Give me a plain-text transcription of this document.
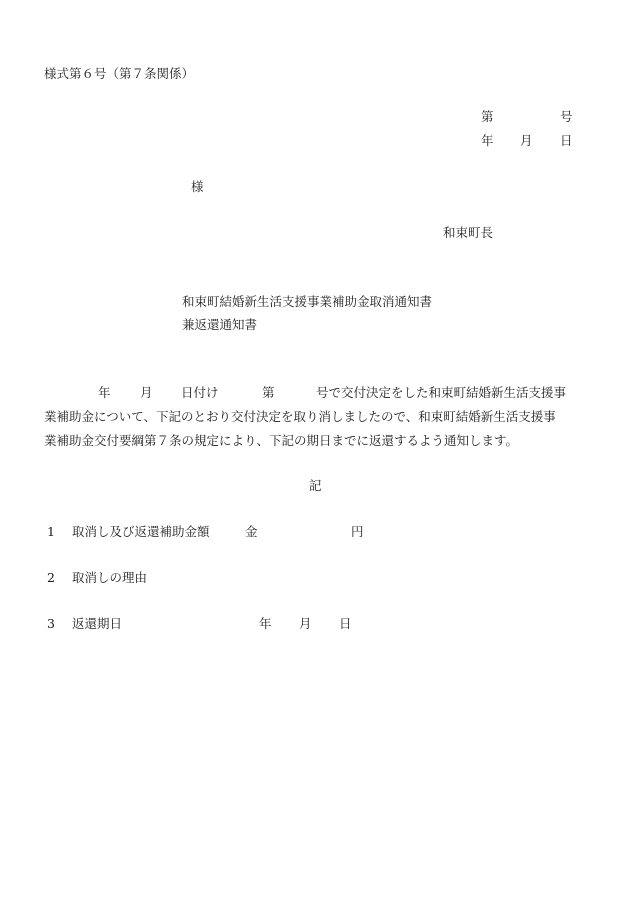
様式第６号（第７条関係）
第	号
年 月 日
様
和束町長
和束町結婚新生活支援事業補助金取消通知書
兼返還通知書
年 月 日付け	第	号で交付決定をした和束町結婚新生活支援事
業補助金について、下記のとおり交付決定を取り消しましたので、和束町結婚新生活支援事
業補助金交付要綱第７条の規定により、下記の期日までに返還するよう通知します。
記
1 取消し及び返還補助金額	金	円
2 取消しの理由
3 返還期日	年 月 日
